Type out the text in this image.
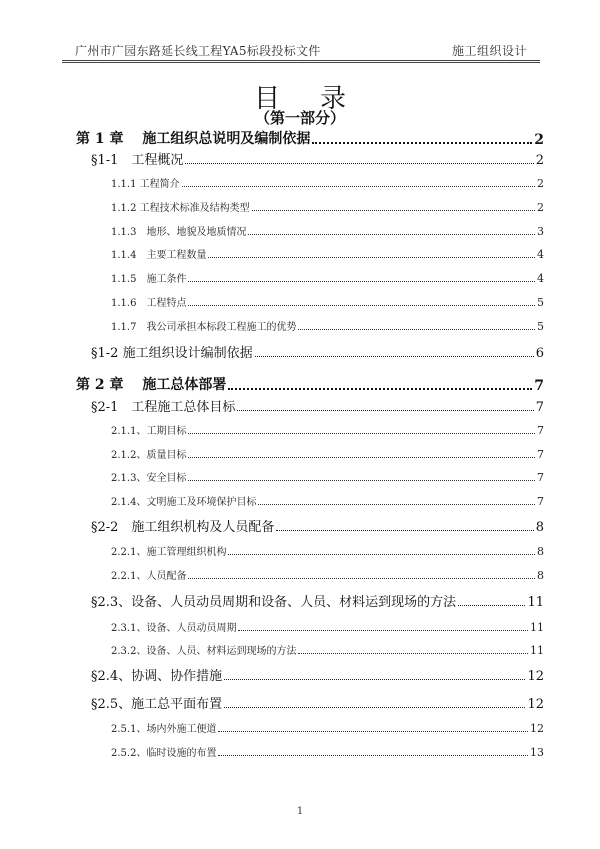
广州市广园东路延长线工程YA5标段投标文件	施工组织设计
目录
（第一部分）
第 1 章　 施工组织总说明及编制依据	2
§1-1　工程概况	2
1.1.1 工程简介	2
1.1.2 工程技术标准及结构类型	2
1.1.3　地形、地貌及地质情况	3
1.1.4　主要工程数量	4
1.1.5　施工条件	4
1.1.6　工程特点	5
1.1.7　我公司承担本标段工程施工的优势	5
§1-2 施工组织设计编制依据	6
第 2 章　 施工总体部署	7
§2-1　工程施工总体目标	7
2.1.1、工期目标	7
2.1.2、质量目标	7
2.1.3、安全目标	7
2.1.4、文明施工及环境保护目标	7
§2-2　施工组织机构及人员配备	8
2.2.1、施工管理组织机构	8
2.2.1、人员配备	8
§2.3、设备、人员动员周期和设备、人员、材料运到现场的方法	11
2.3.1、设备、人员动员周期	11
2.3.2、设备、人员、材料运到现场的方法	11
§2.4、协调、协作措施	12
§2.5、施工总平面布置	12
2.5.1、场内外施工便道	12
2.5.2、临时设施的布置	13
1
